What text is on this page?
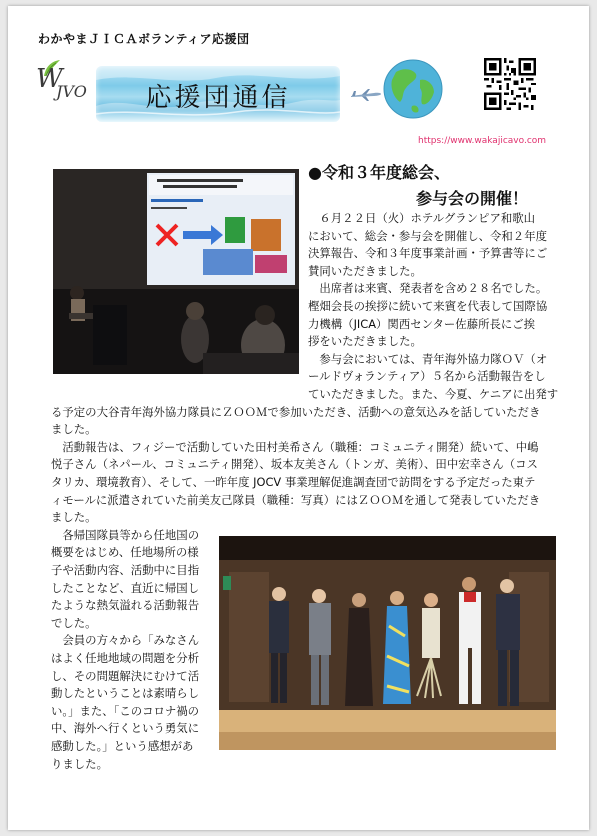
わかやまＪＩＣＡボランティア応援団
W
JVO	応援団通信
https://www.wakajicavo.com
●令和３年度総会、
参与会の開催！
　６月２２日（火）ホテルグランピア和歌山
において、総会・参与会を開催し、令和２年度
決算報告、令和３年度事業計画・予算書等にご
賛同いただきました。
　出席者は来賓、発表者を含め２８名でした。
樫畑会長の挨拶に続いて来賓を代表して国際協
力機構（JICA）関西センター佐藤所長にご挨
拶をいただきました。
　参与会においては、青年海外協力隊ＯＶ（オ
ールドヴォランティア）５名から活動報告をし
ていただきました。また、今夏、ケニアに出発す
る予定の大谷青年海外協力隊員にＺＯＯＭで参加いただき、活動への意気込みを話していただき
ました。
　活動報告は、フィジーで活動していた田村美希さん（職種：コミュニティ開発）続いて、中嶋
悦子さん（ネパール、コミュニティ開発）、坂本友美さん（トンガ、美術）、田中宏幸さん（コス
タリカ、環境教育）、そして、一昨年度 JOCV 事業理解促進調査団で訪問をする予定だった東テ
ィモールに派遣されていた前美友己隊員（職種：写真）にはＺＯＯＭを通して発表していただき
ました。
　各帰国隊員等から任地国の
概要をはじめ、任地場所の様
子や活動内容、活動中に目指
したことなど、直近に帰国し
たような熱気溢れる活動報告
でした。
　会員の方々から「みなさん
はよく任地地域の問題を分析
し、その問題解決にむけて活
動したということは素晴らし
い。」また、「このコロナ禍の
中、海外へ行くという勇気に
感動した。」という感想があ
りました。
